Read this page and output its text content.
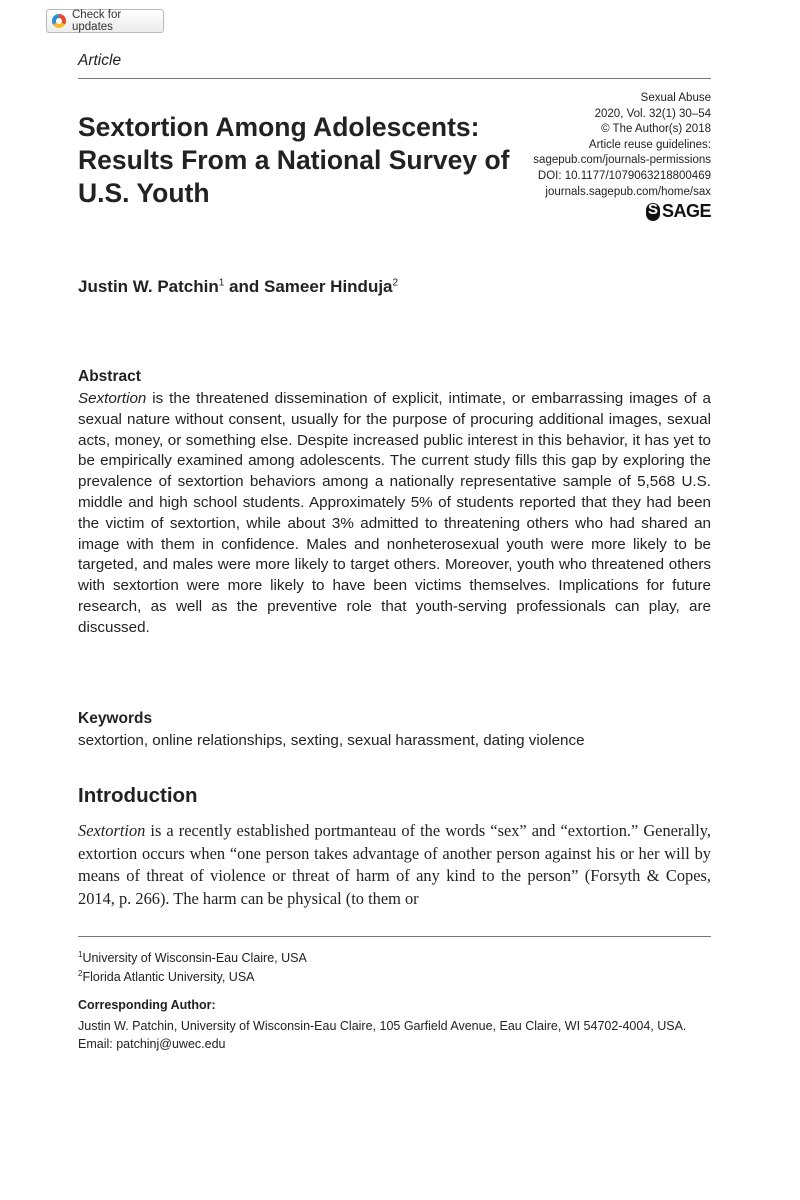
Check for updates
Article
Sextortion Among Adolescents: Results From a National Survey of U.S. Youth
Sexual Abuse
2020, Vol. 32(1) 30–54
© The Author(s) 2018
Article reuse guidelines:
sagepub.com/journals-permissions
DOI: 10.1177/1079063218800469
journals.sagepub.com/home/sax
S
SAGE
Justin W. Patchin$^1$ and Sameer Hinduja$^2$
Abstract

Sextortion is the threatened dissemination of explicit, intimate, or embarrassing images of a sexual nature without consent, usually for the purpose of procuring additional images, sexual acts, money, or something else. Despite increased public interest in this behavior, it has yet to be empirically examined among adolescents. The current study fills this gap by exploring the prevalence of sextortion behaviors among a nationally representative sample of 5,568 U.S. middle and high school students. Approximately 5% of students reported that they had been the victim of sextortion, while about 3% admitted to threatening others who had shared an image with them in confidence. Males and nonheterosexual youth were more likely to be targeted, and males were more likely to target others. Moreover, youth who threatened others with sextortion were more likely to have been victims themselves. Implications for future research, as well as the preventive role that youth-serving professionals can play, are discussed.

Keywords
sextortion, online relationships, sexting, sexual harassment, dating violence
Introduction

Sextortion is a recently established portmanteau of the words “sex” and “extortion.” Generally, extortion occurs when “one person takes advantage of another person against his or her will by means of threat of violence or threat of harm of any kind to the person” (Forsyth & Copes, 2014, p. 266). The harm can be physical (to them or

$^1$University of Wisconsin-Eau Claire, USA
$^2$Florida Atlantic University, USA
Corresponding Author:
Justin W. Patchin, University of Wisconsin-Eau Claire, 105 Garfield Avenue, Eau Claire, WI 54702-4004, USA.
Email: patchinj@uwec.edu
